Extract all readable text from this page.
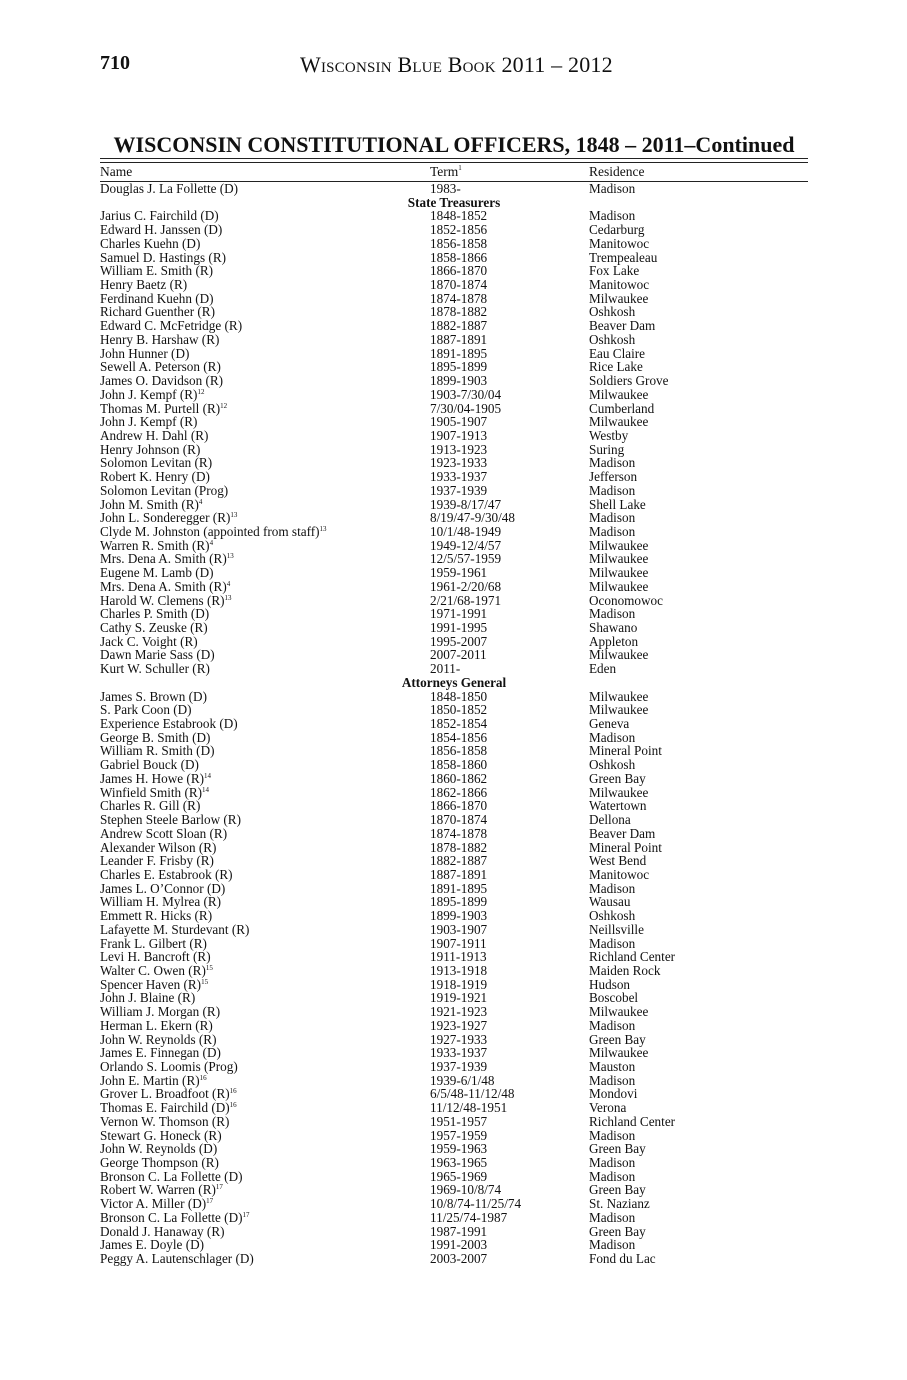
710	Wisconsin Blue Book 2011 – 2012
WISCONSIN CONSTITUTIONAL OFFICERS, 1848 – 2011–Continued
Name	Term$^1$	Residence
Douglas J. La Follette (D)	1983-	Madison
State Treasurers
Jarius C. Fairchild (D)	1848-1852	Madison
Edward H. Janssen (D)	1852-1856	Cedarburg
Charles Kuehn (D)	1856-1858	Manitowoc
Samuel D. Hastings (R)	1858-1866	Trempealeau
William E. Smith (R)	1866-1870	Fox Lake
Henry Baetz (R)	1870-1874	Manitowoc
Ferdinand Kuehn (D)	1874-1878	Milwaukee
Richard Guenther (R)	1878-1882	Oshkosh
Edward C. McFetridge (R)	1882-1887	Beaver Dam
Henry B. Harshaw (R)	1887-1891	Oshkosh
John Hunner (D)	1891-1895	Eau Claire
Sewell A. Peterson (R)	1895-1899	Rice Lake
James O. Davidson (R)	1899-1903	Soldiers Grove
John J. Kempf $(R)^{12}$	1903-7/30/04	Milwaukee
Thomas M. Purtell $(R)^{12}$	7/30/04-1905	Cumberland
John J. Kempf (R)	1905-1907	Milwaukee
Andrew H. Dahl (R)	1907-1913	Westby
Henry Johnson (R)	1913-1923	Suring
Solomon Levitan (R)	1923-1933	Madison
Robert K. Henry (D)	1933-1937	Jefferson
Solomon Levitan (Prog)	1937-1939	Madison
John M. Smith $(R)^4$	1939-8/17/47	Shell Lake
John L. Sonderegger $(R)^{13}$	8/19/47-9/30/48	Madison
Clyde M. Johnston (appointed from staff)$^{13}$	10/1/48-1949	Madison
Warren R. Smith $(R)^4$	1949-12/4/57	Milwaukee
Mrs. Dena A. Smith $(R)^{13}$	12/5/57-1959	Milwaukee
Eugene M. Lamb (D)	1959-1961	Milwaukee
Mrs. Dena A. Smith $(R)^4$	1961-2/20/68	Milwaukee
Harold W. Clemens $(R)^{13}$	2/21/68-1971	Oconomowoc
Charles P. Smith (D)	1971-1991	Madison
Cathy S. Zeuske (R)	1991-1995	Shawano
Jack C. Voight (R)	1995-2007	Appleton
Dawn Marie Sass (D)	2007-2011	Milwaukee
Kurt W. Schuller (R)	2011-	Eden
Attorneys General
James S. Brown (D)	1848-1850	Milwaukee
S. Park Coon (D)	1850-1852	Milwaukee
Experience Estabrook (D)	1852-1854	Geneva
George B. Smith (D)	1854-1856	Madison
William R. Smith (D)	1856-1858	Mineral Point
Gabriel Bouck (D)	1858-1860	Oshkosh
James H. Howe $(R)^{14}$	1860-1862	Green Bay
Winfield Smith $(R)^{14}$	1862-1866	Milwaukee
Charles R. Gill (R)	1866-1870	Watertown
Stephen Steele Barlow (R)	1870-1874	Dellona
Andrew Scott Sloan (R)	1874-1878	Beaver Dam
Alexander Wilson (R)	1878-1882	Mineral Point
Leander F. Frisby (R)	1882-1887	West Bend
Charles E. Estabrook (R)	1887-1891	Manitowoc
James L. O’Connor (D)	1891-1895	Madison
William H. Mylrea (R)	1895-1899	Wausau
Emmett R. Hicks (R)	1899-1903	Oshkosh
Lafayette M. Sturdevant (R)	1903-1907	Neillsville
Frank L. Gilbert (R)	1907-1911	Madison
Levi H. Bancroft (R)	1911-1913	Richland Center
Walter C. Owen $(R)^{15}$	1913-1918	Maiden Rock
Spencer Haven $(R)^{15}$	1918-1919	Hudson
John J. Blaine (R)	1919-1921	Boscobel
William J. Morgan (R)	1921-1923	Milwaukee
Herman L. Ekern (R)	1923-1927	Madison
John W. Reynolds (R)	1927-1933	Green Bay
James E. Finnegan (D)	1933-1937	Milwaukee
Orlando S. Loomis (Prog)	1937-1939	Mauston
John E. Martin $(R)^{16}$	1939-6/1/48	Madison
Grover L. Broadfoot $(R)^{16}$	6/5/48-11/12/48	Mondovi
Thomas E. Fairchild $(D)^{16}$	11/12/48-1951	Verona
Vernon W. Thomson (R)	1951-1957	Richland Center
Stewart G. Honeck (R)	1957-1959	Madison
John W. Reynolds (D)	1959-1963	Green Bay
George Thompson (R)	1963-1965	Madison
Bronson C. La Follette (D)	1965-1969	Madison
Robert W. Warren $(R)^{17}$	1969-10/8/74	Green Bay
Victor A. Miller $(D)^{17}$	10/8/74-11/25/74	St. Nazianz
Bronson C. La Follette $(D)^{17}$	11/25/74-1987	Madison
Donald J. Hanaway (R)	1987-1991	Green Bay
James E. Doyle (D)	1991-2003	Madison
Peggy A. Lautenschlager (D)	2003-2007	Fond du Lac
